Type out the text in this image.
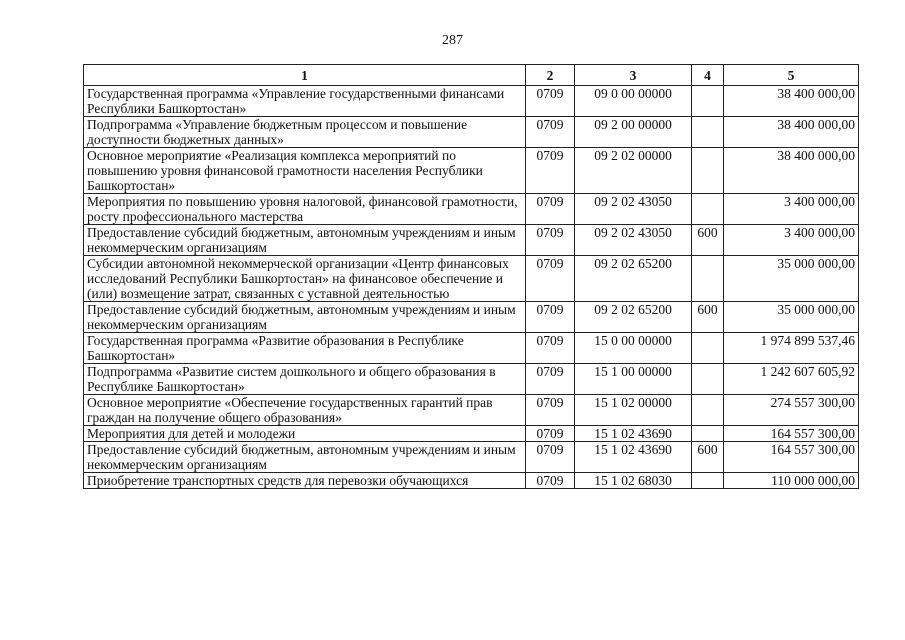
287
1	2	3	4	5
Государственная программа «Управление государственными финансами Республики Башкортостан»	0709	09 0 00 00000		38 400 000,00
Подпрограмма «Управление бюджетным процессом и повышение доступности бюджетных данных»	0709	09 2 00 00000		38 400 000,00
Основное мероприятие «Реализация комплекса мероприятий по повышению уровня финансовой грамотности населения Республики Башкортостан»	0709	09 2 02 00000		38 400 000,00
Мероприятия по повышению уровня налоговой, финансовой грамотности, росту профессионального мастерства	0709	09 2 02 43050		3 400 000,00
Предоставление субсидий бюджетным, автономным учреждениям и иным некоммерческим организациям	0709	09 2 02 43050	600	3 400 000,00
Субсидии автономной некоммерческой организации «Центр финансовых исследований Республики Башкортостан» на финансовое обеспечение и (или) возмещение затрат, связанных с уставной деятельностью	0709	09 2 02 65200		35 000 000,00
Предоставление субсидий бюджетным, автономным учреждениям и иным некоммерческим организациям	0709	09 2 02 65200	600	35 000 000,00
Государственная программа «Развитие образования в Республике Башкортостан»	0709	15 0 00 00000		1 974 899 537,46
Подпрограмма «Развитие систем дошкольного и общего образования в Республике Башкортостан»	0709	15 1 00 00000		1 242 607 605,92
Основное мероприятие «Обеспечение государственных гарантий прав граждан на получение общего образования»	0709	15 1 02 00000		274 557 300,00
Мероприятия для детей и молодежи	0709	15 1 02 43690		164 557 300,00
Предоставление субсидий бюджетным, автономным учреждениям и иным некоммерческим организациям	0709	15 1 02 43690	600	164 557 300,00
Приобретение транспортных средств для перевозки обучающихся	0709	15 1 02 68030		110 000 000,00
